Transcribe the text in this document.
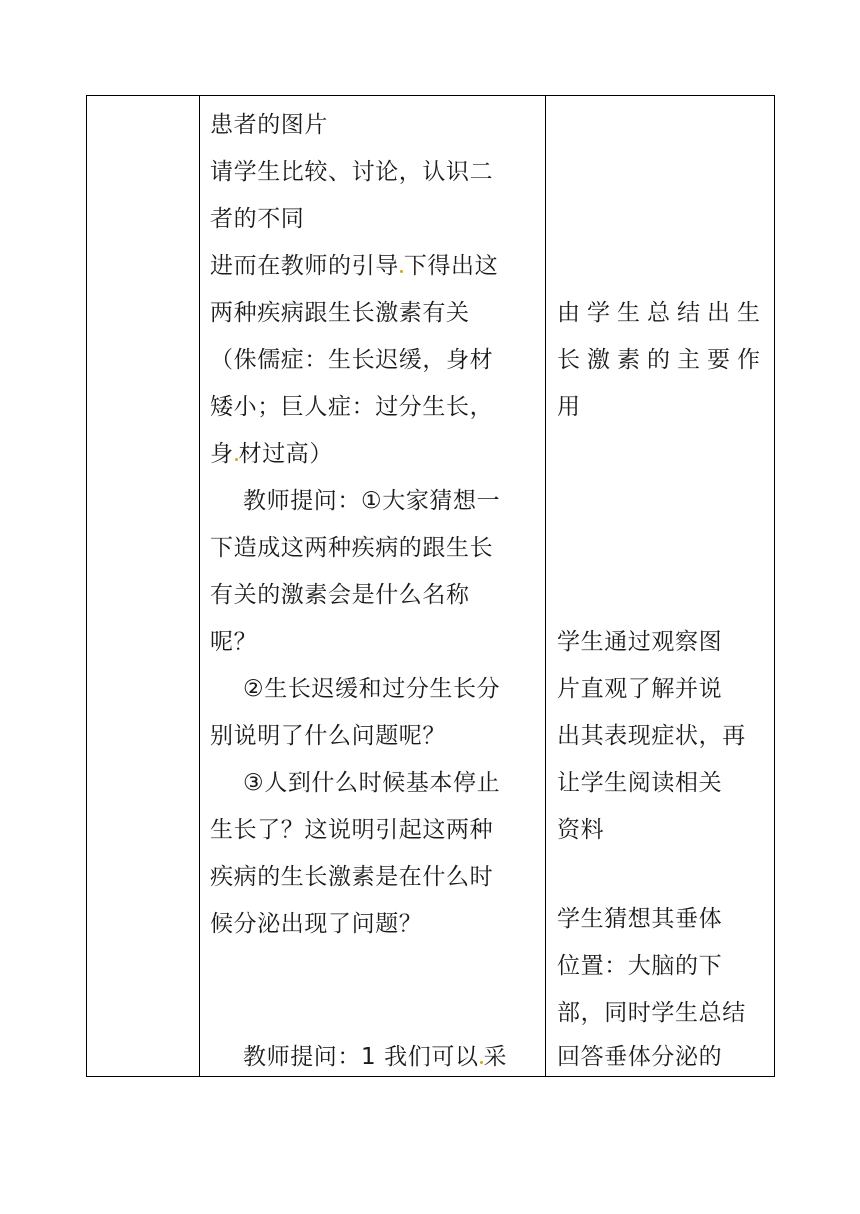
患者的图片
请学生比较、讨论，认识二
者的不同
进而在教师的引导 下得出这
两种疾病跟生长激素有关
（侏儒症：生长迟缓，身材
矮小；巨人症：过分生长，
身 材过高）
教师提问：①大家猜想一
下造成这两种疾病的跟生长
有关的激素会是什么名称
呢？
②生长迟缓和过分生长分
别说明了什么问题呢？
③人到什么时候基本停止
生长了？这说明引起这两种
疾病的生长激素是在什么时
候分泌出现了问题？
教师提问：1 我们可以 采
由学生总结出生
长激素的主要作
用
学生通过观察图
片直观了解并说
出其表现症状，再
让学生阅读相关
资料
学生猜想其垂体
位置：大脑的下
部，同时学生总结
回答垂体分泌的
